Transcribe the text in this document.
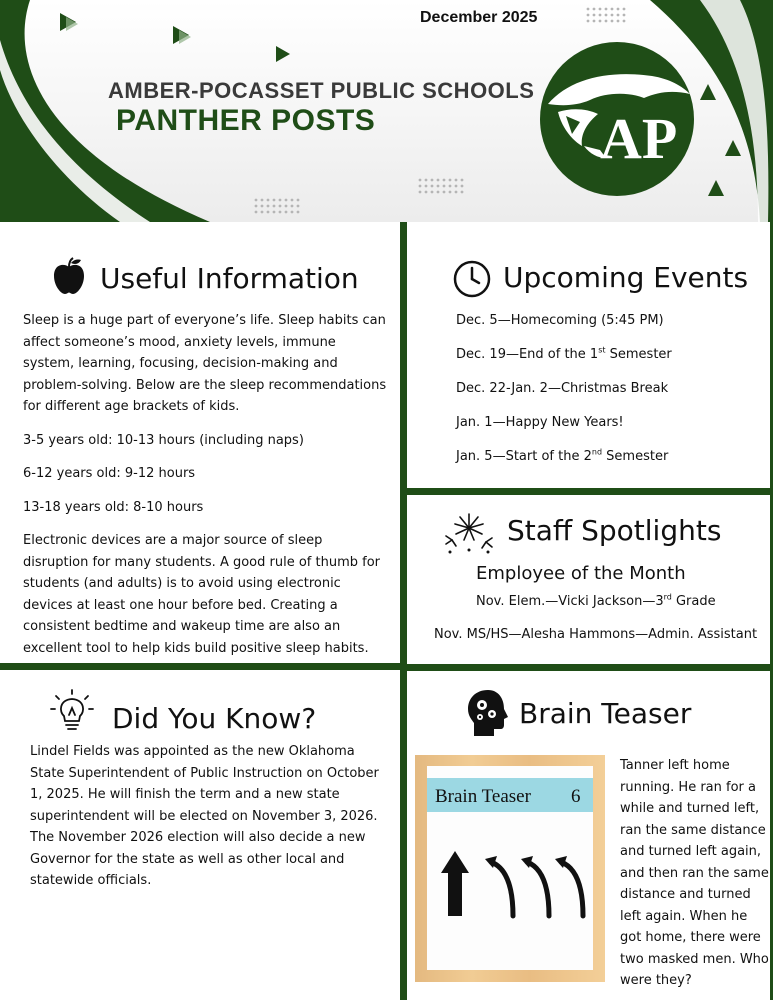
December 2025
AMBER-POCASSET PUBLIC SCHOOLS
PANTHER POSTS	AP
Useful Information

Sleep is a huge part of everyone’s life. Sleep habits can affect someone’s mood, anxiety levels, immune system, learning, focusing, decision-making and problem-solving. Below are the sleep recommendations for different age brackets of kids.

3-5 years old: 10-13 hours (including naps)

6-12 years old: 9-12 hours

13-18 years old: 8-10 hours

Electronic devices are a major source of sleep disruption for many students. A good rule of thumb for students (and adults) is to avoid using electronic devices at least one hour before bed. Creating a consistent bedtime and wakeup time are also an excellent tool to help kids build positive sleep habits.

Upcoming Events
Dec. 5—Homecoming (5:45 PM)
Dec. 19—End of the 1st Semester
Dec. 22-Jan. 2—Christmas Break
Jan. 1—Happy New Years!
Jan. 5—Start of the 2nd Semester
Staff Spotlights
Employee of the Month
Nov. Elem.—Vicki Jackson—3rd Grade
Nov. MS/HS—Alesha Hammons—Admin. Assistant
Did You Know?

Lindel Fields was appointed as the new Oklahoma State Superintendent of Public Instruction on October 1, 2025. He will finish the term and a new state superintendent will be elected on November 3, 2026. The November 2026 election will also decide a new Governor for the state as well as other local and statewide officials.

Brain Teaser
Brain Teaser 6
Tanner left home running. He ran for a while and turned left, ran the same distance and turned left again, and then ran the same distance and turned left again. When he got home, there were two masked men. Who were they?
